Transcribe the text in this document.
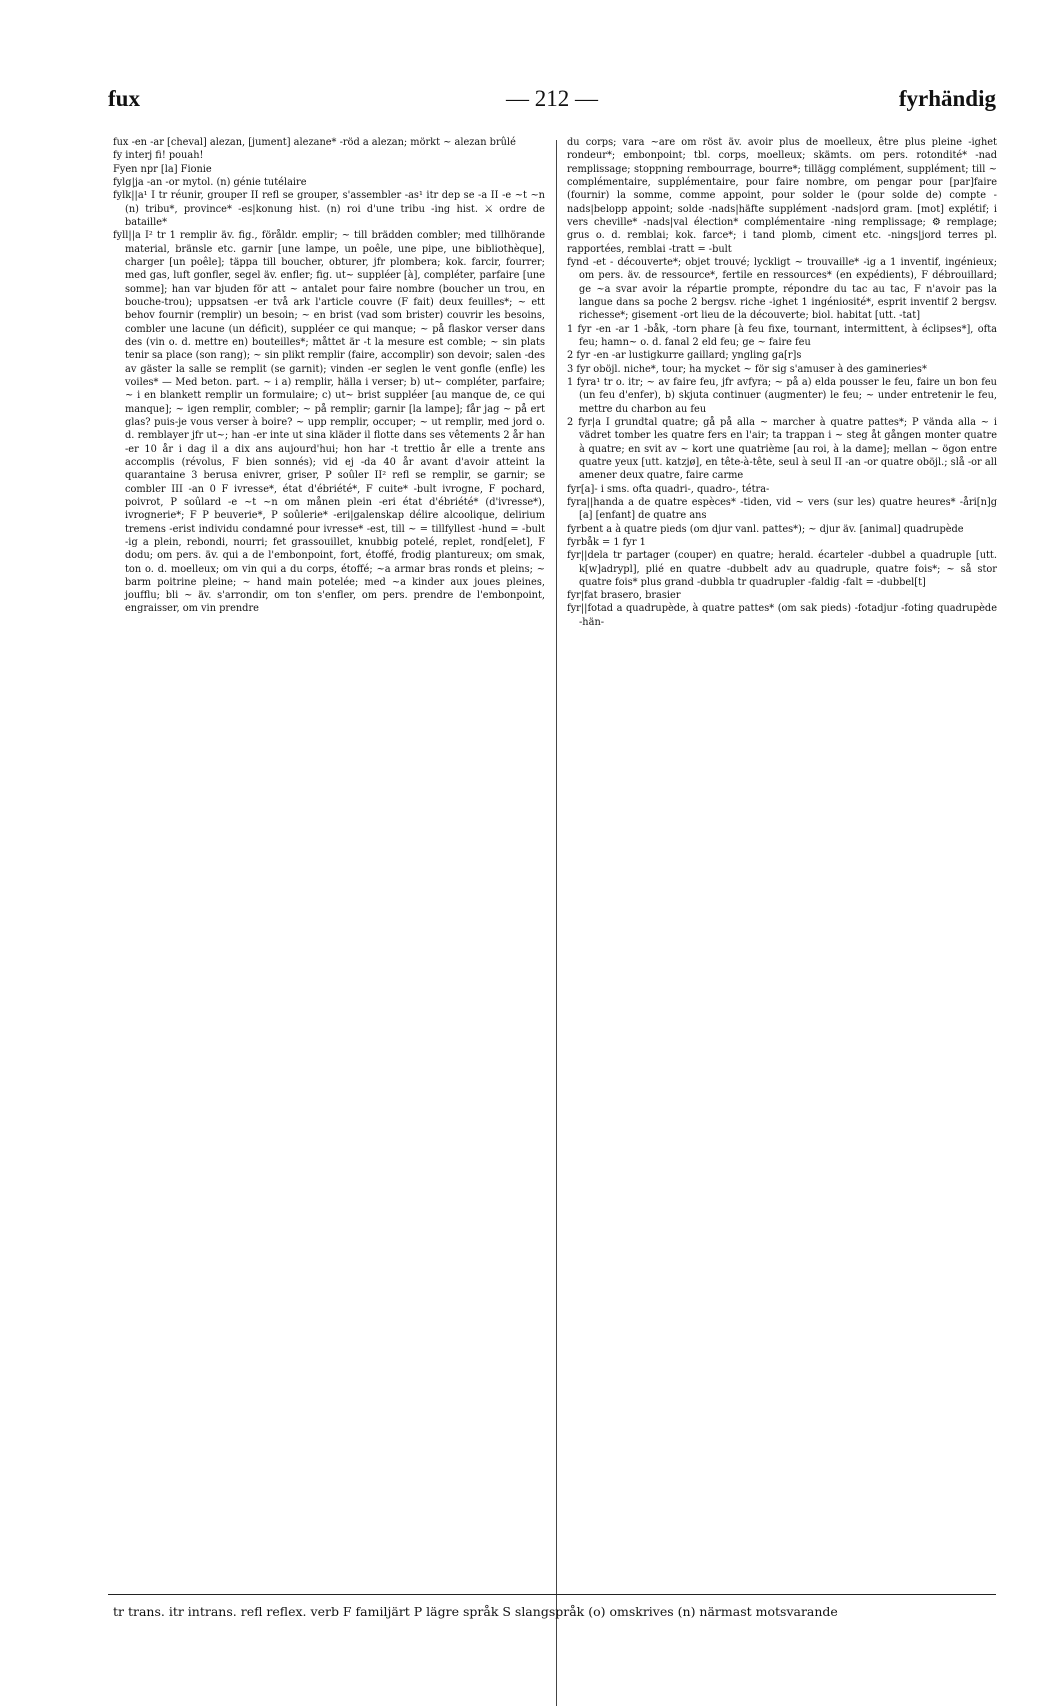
fux	— 212 —	fyrhändig

fux -en -ar [cheval] alezan, [jument] alezane* -röd a alezan; mörkt ~ alezan brûlé

fy interj fi! pouah!

Fyen npr [la] Fionie

fylg|ja -an -or mytol. (n) génie tutélaire

fylk||a¹ I tr réunir, grouper II refl se grouper, s'assembler -as¹ itr dep se -a II -e ~t ~n (n) tribu*, province* -es|konung hist. (n) roi d'une tribu -ing hist. ⚔ ordre de bataille*

fyll||a I² tr 1 remplir äv. fig., föråldr. emplir; ~ till brädden combler; med tillhörande material, bränsle etc. garnir [une lampe, un poêle, une pipe, une bibliothèque], charger [un poêle]; täppa till boucher, obturer, jfr plombera; kok. farcir, fourrer; med gas, luft gonfler, segel äv. enfler; fig. ut~ suppléer [à], compléter, parfaire [une somme]; han var bjuden för att ~ antalet pour faire nombre (boucher un trou, en bouche-trou); uppsatsen -er två ark l'article couvre (F fait) deux feuilles*; ~ ett behov fournir (remplir) un besoin; ~ en brist (vad som brister) couvrir les besoins, combler une lacune (un déficit), suppléer ce qui manque; ~ på flaskor verser dans des (vin o. d. mettre en) bouteilles*; måttet är -t la mesure est comble; ~ sin plats tenir sa place (son rang); ~ sin plikt remplir (faire, accomplir) son devoir; salen -des av gäster la salle se remplit (se garnit); vinden -er seglen le vent gonfle (enfle) les voiles* — Med beton. part. ~ i a) remplir, hälla i verser; b) ut~ compléter, parfaire; ~ i en blankett remplir un formulaire; c) ut~ brist suppléer [au manque de, ce qui manque]; ~ igen remplir, combler; ~ på remplir; garnir [la lampe]; får jag ~ på ert glas? puis-je vous verser à boire? ~ upp remplir, occuper; ~ ut remplir, med jord o. d. remblayer jfr ut~; han -er inte ut sina kläder il flotte dans ses vêtements 2 år han -er 10 år i dag il a dix ans aujourd'hui; hon har -t trettio år elle a trente ans accomplis (révolus, F bien sonnés); vid ej -da 40 år avant d'avoir atteint la quarantaine 3 berusa enivrer, griser, P soûler II² refl se remplir, se garnir; se combler III -an 0 F ivresse*, état d'ébriété*, F cuite* -bult ivrogne, F pochard, poivrot, P soûlard -e ~t ~n om månen plein -eri état d'ébriété* (d'ivresse*), ivrognerie*; F P beuverie*, P soûlerie* -eri|galenskap délire alcoolique, delirium tremens -erist individu condamné pour ivresse* -est, till ~ = tillfyllest -hund = -bult -ig a plein, rebondi, nourri; fet grassouillet, knubbig potelé, replet, rond[elet], F dodu; om pers. äv. qui a de l'embonpoint, fort, étoffé, frodig plantureux; om smak, ton o. d. moelleux; om vin qui a du corps, étoffé; ~a armar bras ronds et pleins; ~ barm poitrine pleine; ~ hand main potelée; med ~a kinder aux joues pleines, joufflu; bli ~ äv. s'arrondir, om ton s'enfler, om pers. prendre de l'embonpoint, engraisser, om vin prendre

du corps; vara ~are om röst äv. avoir plus de moelleux, être plus pleine -ighet rondeur*; embonpoint; tbl. corps, moelleux; skämts. om pers. rotondité* -nad remplissage; stoppning rembourrage, bourre*; tillägg complément, supplément; till ~ complémentaire, supplémentaire, pour faire nombre, om pengar pour [par]faire (fournir) la somme, comme appoint, pour solder le (pour solde de) compte -nads|belopp appoint; solde -nads|häfte supplément -nads|ord gram. [mot] explétif; i vers cheville* -nads|val élection* complémentaire -ning remplissage; ⚙ remplage; grus o. d. remblai; kok. farce*; i tand plomb, ciment etc. -nings|jord terres pl. rapportées, remblai -tratt = -bult

fynd -et - découverte*; objet trouvé; lyckligt ~ trouvaille* -ig a 1 inventif, ingénieux; om pers. äv. de ressource*, fertile en ressources* (en expédients), F débrouillard; ge ~a svar avoir la répartie prompte, répondre du tac au tac, F n'avoir pas la langue dans sa poche 2 bergsv. riche -ighet 1 ingéniosité*, esprit inventif 2 bergsv. richesse*; gisement -ort lieu de la découverte; biol. habitat [utt. -tat]

1 fyr -en -ar 1 -båk, -torn phare [à feu fixe, tournant, intermittent, à éclipses*], ofta feu; hamn~ o. d. fanal 2 eld feu; ge ~ faire feu

2 fyr -en -ar lustigkurre gaillard; yngling ga[r]s

3 fyr oböjl. niche*, tour; ha mycket ~ för sig s'amuser à des gamineries*

1 fyra¹ tr o. itr; ~ av faire feu, jfr avfyra; ~ på a) elda pousser le feu, faire un bon feu (un feu d'enfer), b) skjuta continuer (augmenter) le feu; ~ under entretenir le feu, mettre du charbon au feu

2 fyr|a I grundtal quatre; gå på alla ~ marcher à quatre pattes*; P vända alla ~ i vädret tomber les quatre fers en l'air; ta trappan i ~ steg åt gången monter quatre à quatre; en svit av ~ kort une quatrième [au roi, à la dame]; mellan ~ ögon entre quatre yeux [utt. katzjø], en tête-à-tête, seul à seul II -an -or quatre oböjl.; slå -or all amener deux quatre, faire carme

fyr[a]- i sms. ofta quadri-, quadro-, tétra-

fyra||handa a de quatre espèces* -tiden, vid ~ vers (sur les) quatre heures* -åri[n]g [a] [enfant] de quatre ans

fyrbent a à quatre pieds (om djur vanl. pattes*); ~ djur äv. [animal] quadrupède

fyrbåk = 1 fyr 1

fyr||dela tr partager (couper) en quatre; herald. écarteler -dubbel a quadruple [utt. k[w]adrypl], plié en quatre -dubbelt adv au quadruple, quatre fois*; ~ så stor quatre fois* plus grand -dubbla tr quadrupler -faldig -falt = -dubbel[t]

fyr|fat brasero, brasier

fyr||fotad a quadrupède, à quatre pattes* (om sak pieds) -fotadjur -foting quadrupède -hän-

tr trans. itr intrans. refl reflex. verb F familjärt P lägre språk S slangspråk (o) omskrives (n) närmast motsvarande
